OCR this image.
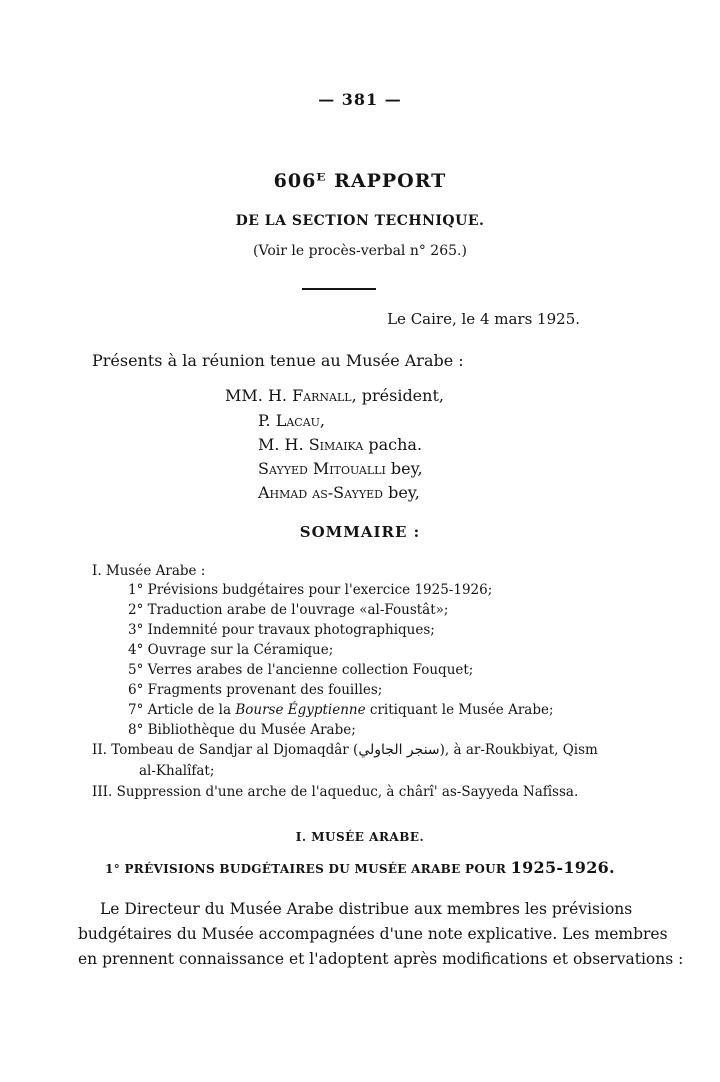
— 381 —
606ᴱ RAPPORT
DE LA SECTION TECHNIQUE.
(Voir le procès-verbal n° 265.)
Le Caire, le 4 mars 1925.
Présents à la réunion tenue au Musée Arabe :
MM. H. Farnall, président,
P. Lacau,
M. H. Simaika pacha.
Sayyed Mitoualli bey,
Ahmad as-Sayyed bey,
SOMMAIRE :
I. Musée Arabe :
1° Prévisions budgétaires pour l'exercice 1925-1926;
2° Traduction arabe de l'ouvrage «al-Foustât»;
3° Indemnité pour travaux photographiques;
4° Ouvrage sur la Céramique;
5° Verres arabes de l'ancienne collection Fouquet;
6° Fragments provenant des fouilles;
7° Article de la Bourse Égyptienne critiquant le Musée Arabe;
8° Bibliothèque du Musée Arabe;
II. Tombeau de Sandjar al Djomaqdâr (سنجر الجاولي), à ar-Roukbiyat, Qism
al-Khalîfat;
III. Suppression d'une arche de l'aqueduc, à chârî' as-Sayyeda Nafîssa.
I. MUSÉE ARABE.
1° PRÉVISIONS BUDGÉTAIRES DU MUSÉE ARABE POUR 1925-1926.
Le Directeur du Musée Arabe distribue aux membres les prévisions
budgétaires du Musée accompagnées d'une note explicative. Les membres
en prennent connaissance et l'adoptent après modifications et observations :
